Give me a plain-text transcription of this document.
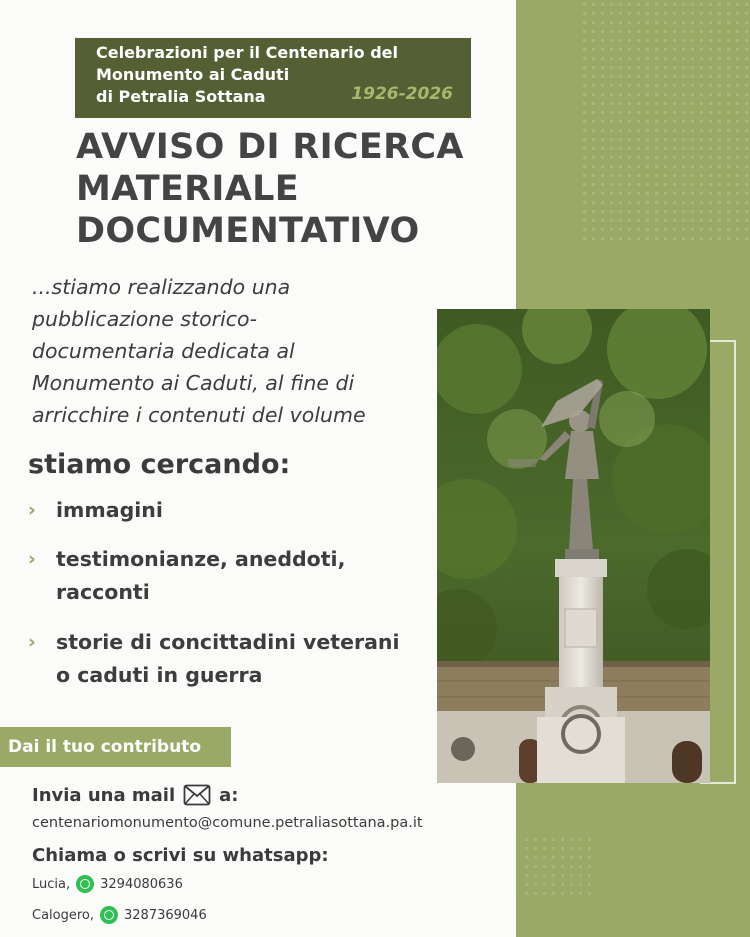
Celebrazioni per il Centenario del
Monumento ai Caduti
di Petralia Sottana	1926-2026
AVVISO DI RICERCA
MATERIALE
DOCUMENTATIVO
...stiamo realizzando una
pubblicazione storico-
documentaria dedicata al
Monumento ai Caduti, al fine di
arricchire i contenuti del volume
stiamo cercando:
› immagini
› testimonianze, aneddoti,
racconti
› storie di concittadini veterani
o caduti in guerra
Dai il tuo contributo
Invia una mail a:
centenariomonumento@comune.petraliasottana.pa.it
Chiama o scrivi su whatsapp:
Lucia, 3294080636
Calogero, 3287369046
